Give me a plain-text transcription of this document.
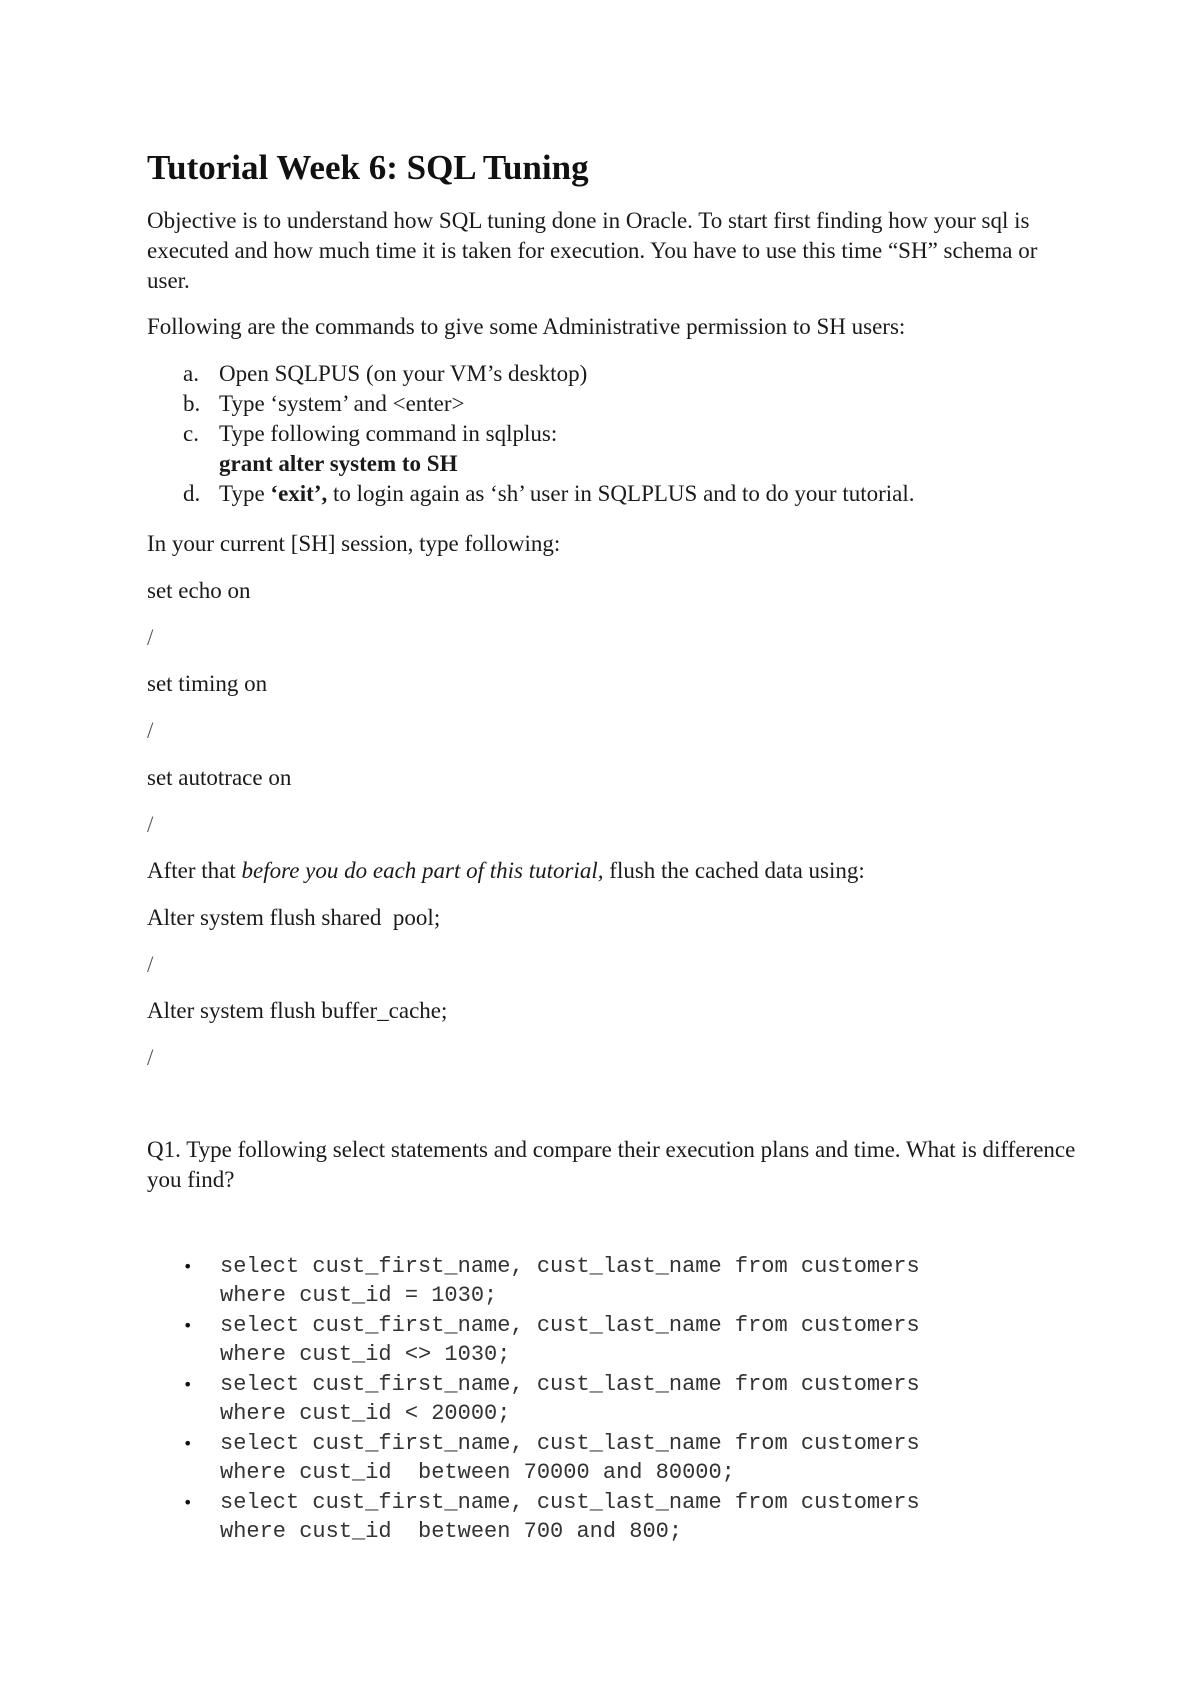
Tutorial Week 6: SQL Tuning

Objective is to understand how SQL tuning done in Oracle. To start first finding how your sql is executed and how much time it is taken for execution. You have to use this time “SH” schema or user.

Following are the commands to give some Administrative permission to SH users:

a. Open SQLPUS (on your VM’s desktop)
b. Type ‘system’ and <enter>
c. Type following command in sqlplus:
grant alter system to SH
d. Type ‘exit’, to login again as ‘sh’ user in SQLPLUS and to do your tutorial.

In your current [SH] session, type following:

set echo on

/

set timing on

/

set autotrace on

/

After that before you do each part of this tutorial, flush the cached data using:

Alter system flush shared  pool;

/

Alter system flush buffer_cache;

/

Q1. Type following select statements and compare their execution plans and time. What is difference you find?

• select cust_first_name, cust_last_name from customers
where cust_id = 1030;
• select cust_first_name, cust_last_name from customers
where cust_id <> 1030;
• select cust_first_name, cust_last_name from customers
where cust_id < 20000;
• select cust_first_name, cust_last_name from customers
where cust_id  between 70000 and 80000;
• select cust_first_name, cust_last_name from customers
where cust_id  between 700 and 800;
